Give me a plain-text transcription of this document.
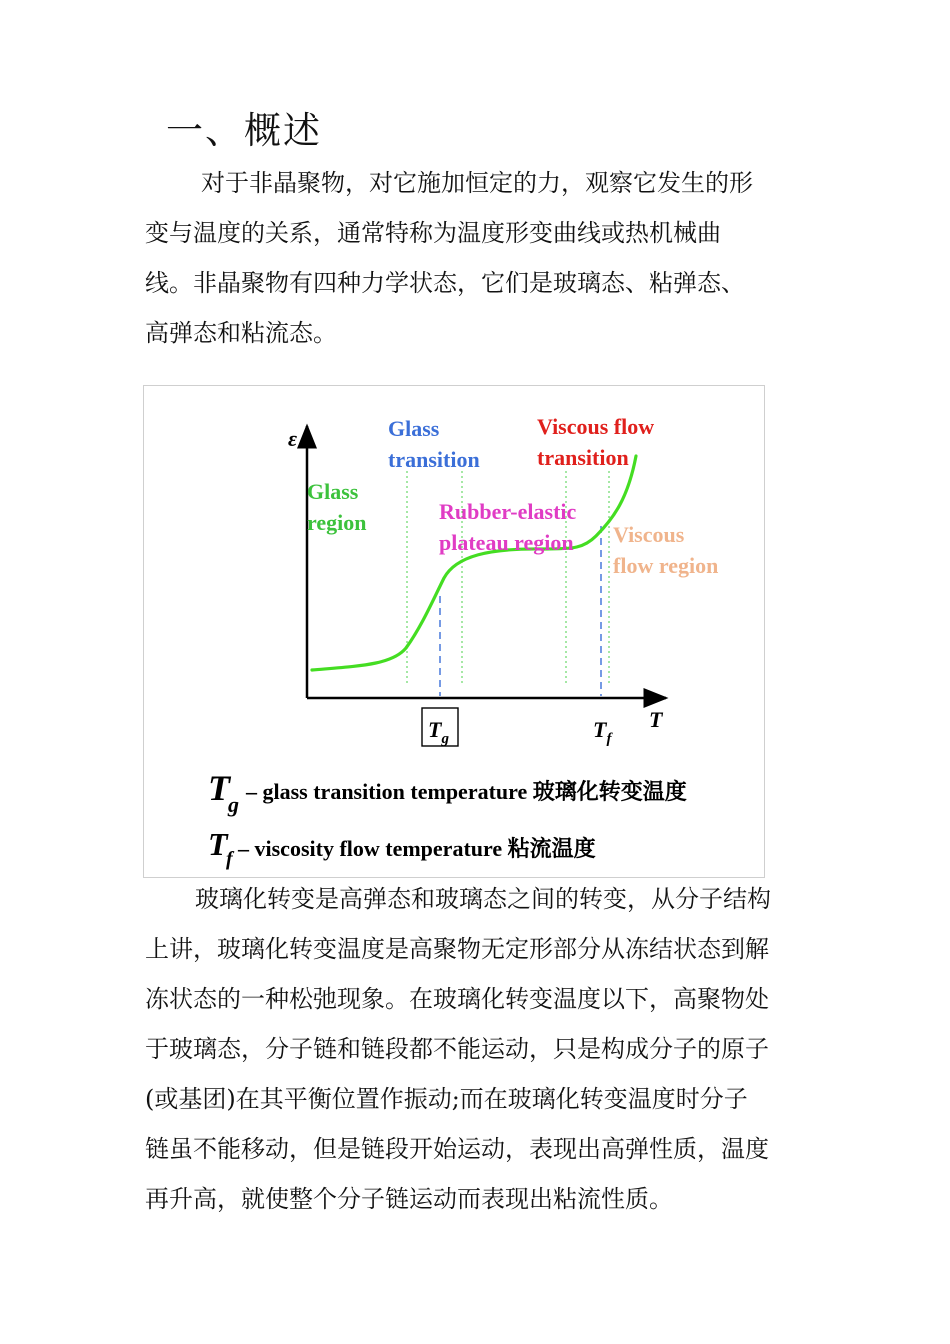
一、概述
对于非晶聚物，对它施加恒定的力，观察它发生的形
变与温度的关系，通常特称为温度形变曲线或热机械曲
线。非晶聚物有四种力学状态，它们是玻璃态、粘弹态、
高弹态和粘流态。
ε
T
Glass
transition
Viscous flow
transition
Glass
region	Rubber-elastic
plateau region Viscous
flow region
$T_g$	$T_f$
T
g
– glass transition temperature 玻璃化转变温度
T
f – viscosity flow temperature 粘流温度
玻璃化转变是高弹态和玻璃态之间的转变，从分子结构
上讲，玻璃化转变温度是高聚物无定形部分从冻结状态到解
冻状态的一种松弛现象。在玻璃化转变温度以下，高聚物处
于玻璃态，分子链和链段都不能运动，只是构成分子的原子
(或基团)在其平衡位置作振动;而在玻璃化转变温度时分子
链虽不能移动，但是链段开始运动，表现出高弹性质，温度
再升高，就使整个分子链运动而表现出粘流性质。
